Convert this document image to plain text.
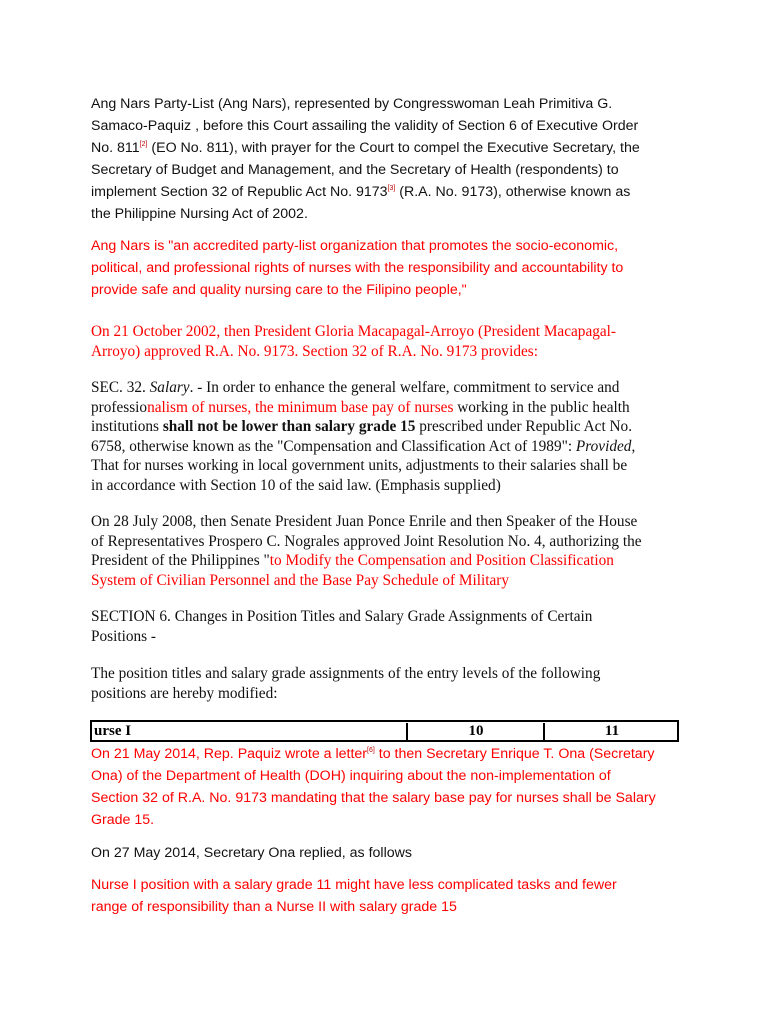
Ang Nars Party-List (Ang Nars), represented by Congresswoman Leah Primitiva G.
Samaco-Paquiz , before this Court assailing the validity of Section 6 of Executive Order
No. 811[2] (EO No. 811), with prayer for the Court to compel the Executive Secretary, the
Secretary of Budget and Management, and the Secretary of Health (respondents) to
implement Section 32 of Republic Act No. 9173[3] (R.A. No. 9173), otherwise known as
the Philippine Nursing Act of 2002.
Ang Nars is "an accredited party-list organization that promotes the socio-economic,
political, and professional rights of nurses with the responsibility and accountability to
provide safe and quality nursing care to the Filipino people,"
On 21 October 2002, then President Gloria Macapagal-Arroyo (President Macapagal-
Arroyo) approved R.A. No. 9173. Section 32 of R.A. No. 9173 provides:
SEC. 32. Salary. - In order to enhance the general welfare, commitment to service and
professionalism of nurses, the minimum base pay of nurses working in the public health
institutions shall not be lower than salary grade 15 prescribed under Republic Act No.
6758, otherwise known as the "Compensation and Classification Act of 1989": Provided,
That for nurses working in local government units, adjustments to their salaries shall be
in accordance with Section 10 of the said law. (Emphasis supplied)
On 28 July 2008, then Senate President Juan Ponce Enrile and then Speaker of the House
of Representatives Prospero C. Nograles approved Joint Resolution No. 4, authorizing the
President of the Philippines "to Modify the Compensation and Position Classification
System of Civilian Personnel and the Base Pay Schedule of Military
SECTION 6. Changes in Position Titles and Salary Grade Assignments of Certain
Positions -
The position titles and salary grade assignments of the entry levels of the following
positions are hereby modified:
urse I	10	11
On 21 May 2014, Rep. Paquiz wrote a letter[6] to then Secretary Enrique T. Ona (Secretary
Ona) of the Department of Health (DOH) inquiring about the non-implementation of
Section 32 of R.A. No. 9173 mandating that the salary base pay for nurses shall be Salary
Grade 15.
On 27 May 2014, Secretary Ona replied, as follows
Nurse I position with a salary grade 11 might have less complicated tasks and fewer
range of responsibility than a Nurse II with salary grade 15
